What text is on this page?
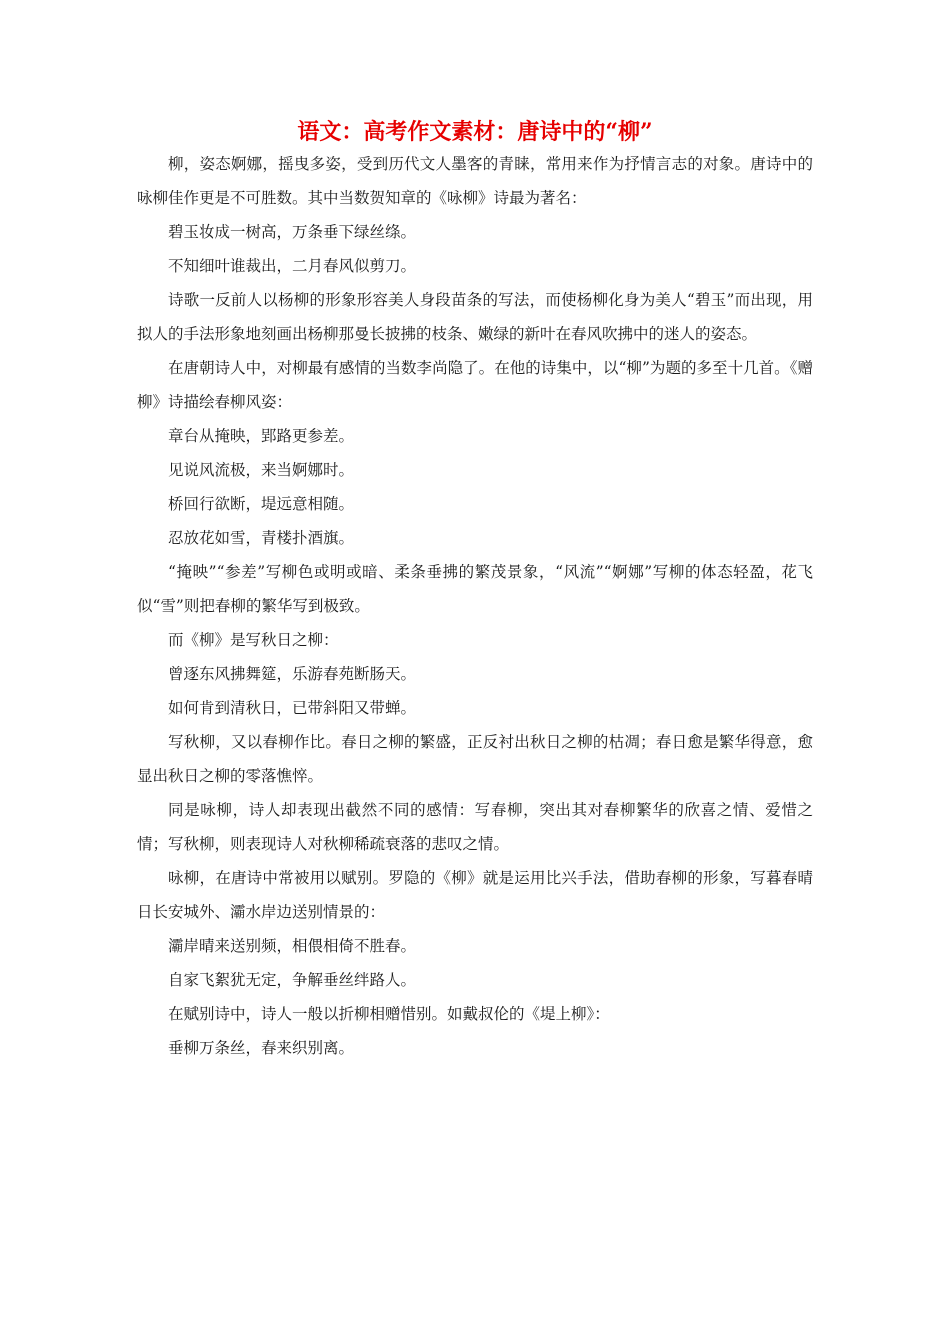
语文：高考作文素材：唐诗中的“柳”

柳，姿态婀娜，摇曳多姿，受到历代文人墨客的青睐，常用来作为抒情言志的对象。唐诗中的咏柳佳作更是不可胜数。其中当数贺知章的《咏柳》诗最为著名：

碧玉妆成一树高，万条垂下绿丝绦。

不知细叶谁裁出，二月春风似剪刀。

诗歌一反前人以杨柳的形象形容美人身段苗条的写法，而使杨柳化身为美人“碧玉”而出现，用拟人的手法形象地刻画出杨柳那曼长披拂的枝条、嫩绿的新叶在春风吹拂中的迷人的姿态。

在唐朝诗人中，对柳最有感情的当数李尚隐了。在他的诗集中，以“柳”为题的多至十几首。《赠柳》诗描绘春柳风姿：

章台从掩映，郢路更参差。

见说风流极，来当婀娜时。

桥回行欲断，堤远意相随。

忍放花如雪，青楼扑酒旗。

“掩映”“参差”写柳色或明或暗、柔条垂拂的繁茂景象，“风流”“婀娜”写柳的体态轻盈，花飞似“雪”则把春柳的繁华写到极致。

而《柳》是写秋日之柳：

曾逐东风拂舞筵，乐游春苑断肠天。

如何肯到清秋日，已带斜阳又带蝉。

写秋柳，又以春柳作比。春日之柳的繁盛，正反衬出秋日之柳的枯凋；春日愈是繁华得意，愈显出秋日之柳的零落憔悴。

同是咏柳，诗人却表现出截然不同的感情：写春柳，突出其对春柳繁华的欣喜之情、爱惜之情；写秋柳，则表现诗人对秋柳稀疏衰落的悲叹之情。

咏柳，在唐诗中常被用以赋别。罗隐的《柳》就是运用比兴手法，借助春柳的形象，写暮春晴日长安城外、灞水岸边送别情景的：

灞岸晴来送别频，相偎相倚不胜春。

自家飞絮犹无定，争解垂丝绊路人。

在赋别诗中，诗人一般以折柳相赠惜别。如戴叔伦的《堤上柳》：

垂柳万条丝，春来织别离。
